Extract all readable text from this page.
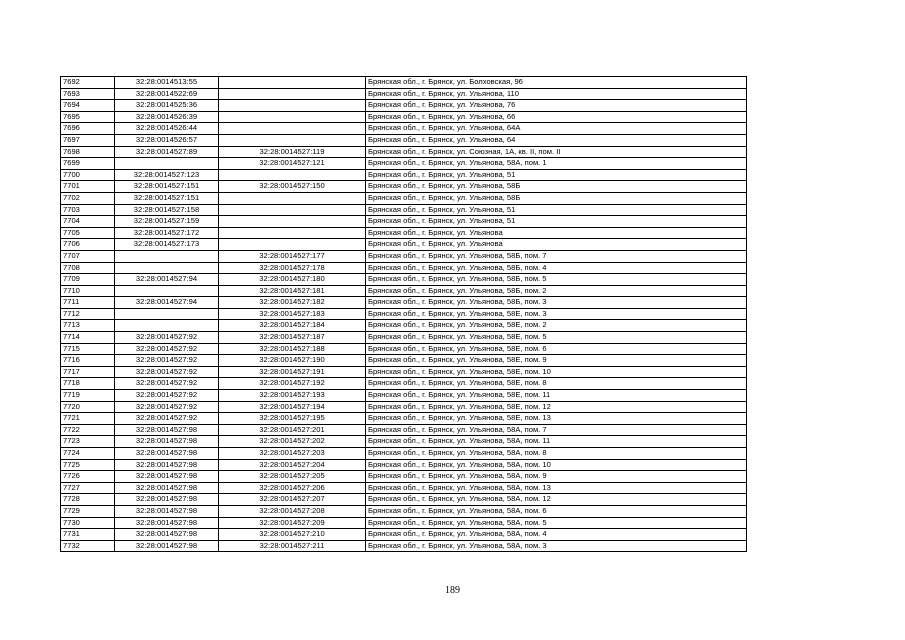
7692	32:28:0014513:55		Брянская обл., г. Брянск, ул. Болховская, 96
7693	32:28:0014522:69		Брянская обл., г. Брянск, ул. Ульянова, 110
7694	32:28:0014525:36		Брянская обл., г. Брянск, ул. Ульянова, 76
7695	32:28:0014526:39		Брянская обл., г. Брянск, ул. Ульянова, 66
7696	32:28:0014526:44		Брянская обл., г. Брянск, ул. Ульянова, 64А
7697	32:28:0014526:57		Брянская обл., г. Брянск, ул. Ульянова, 64
7698	32:28:0014527:89	32:28:0014527:119	Брянская обл., г. Брянск, ул. Союзная, 1А, кв. II, пом. II
7699		32:28:0014527:121	Брянская обл., г. Брянск, ул. Ульянова, 58А, пом. 1
7700	32:28:0014527:123		Брянская обл., г. Брянск, ул. Ульянова, 51
7701	32:28:0014527:151	32:28:0014527:150	Брянская обл., г. Брянск, ул. Ульянова, 58Б
7702	32:28:0014527:151		Брянская обл., г. Брянск, ул. Ульянова, 58Б
7703	32:28:0014527:158		Брянская обл., г. Брянск, ул. Ульянова, 51
7704	32:28:0014527:159		Брянская обл., г. Брянск, ул. Ульянова, 51
7705	32:28:0014527:172		Брянская обл., г. Брянск, ул. Ульянова
7706	32:28:0014527:173		Брянская обл., г. Брянск, ул. Ульянова
7707		32:28:0014527:177	Брянская обл., г. Брянск, ул. Ульянова, 58Б, пом. 7
7708		32:28:0014527:178	Брянская обл., г. Брянск, ул. Ульянова, 58Б, пом. 4
7709	32:28:0014527:94	32:28:0014527:180	Брянская обл., г. Брянск, ул. Ульянова, 58Б, пом. 5
7710		32:28:0014527:181	Брянская обл., г. Брянск, ул. Ульянова, 58Б, пом. 2
7711	32:28:0014527:94	32:28:0014527:182	Брянская обл., г. Брянск, ул. Ульянова, 58Б, пом. 3
7712		32:28:0014527:183	Брянская обл., г. Брянск, ул. Ульянова, 58Е, пом. 3
7713		32:28:0014527:184	Брянская обл., г. Брянск, ул. Ульянова, 58Е, пом. 2
7714	32:28:0014527:92	32:28:0014527:187	Брянская обл., г. Брянск, ул. Ульянова, 58Е, пом. 5
7715	32:28:0014527:92	32:28:0014527:188	Брянская обл., г. Брянск, ул. Ульянова, 58Е, пом. 6
7716	32:28:0014527:92	32:28:0014527:190	Брянская обл., г. Брянск, ул. Ульянова, 58Е, пом. 9
7717	32:28:0014527:92	32:28:0014527:191	Брянская обл., г. Брянск, ул. Ульянова, 58Е, пом. 10
7718	32:28:0014527:92	32:28:0014527:192	Брянская обл., г. Брянск, ул. Ульянова, 58Е, пом. 8
7719	32:28:0014527:92	32:28:0014527:193	Брянская обл., г. Брянск, ул. Ульянова, 58Е, пом. 11
7720	32:28:0014527:92	32:28:0014527:194	Брянская обл., г. Брянск, ул. Ульянова, 58Е, пом. 12
7721	32:28:0014527:92	32:28:0014527:195	Брянская обл., г. Брянск, ул. Ульянова, 58Е, пом. 13
7722	32:28:0014527:98	32:28:0014527:201	Брянская обл., г. Брянск, ул. Ульянова, 58А, пом. 7
7723	32:28:0014527:98	32:28:0014527:202	Брянская обл., г. Брянск, ул. Ульянова, 58А, пом. 11
7724	32:28:0014527:98	32:28:0014527:203	Брянская обл., г. Брянск, ул. Ульянова, 58А, пом. 8
7725	32:28:0014527:98	32:28:0014527:204	Брянская обл., г. Брянск, ул. Ульянова, 58А, пом. 10
7726	32:28:0014527:98	32:28:0014527:205	Брянская обл., г. Брянск, ул. Ульянова, 58А, пом. 9
7727	32:28:0014527:98	32:28:0014527:206	Брянская обл., г. Брянск, ул. Ульянова, 58А, пом. 13
7728	32:28:0014527:98	32:28:0014527:207	Брянская обл., г. Брянск, ул. Ульянова, 58А, пом. 12
7729	32:28:0014527:98	32:28:0014527:208	Брянская обл., г. Брянск, ул. Ульянова, 58А, пом. 6
7730	32:28:0014527:98	32:28:0014527:209	Брянская обл., г. Брянск, ул. Ульянова, 58А, пом. 5
7731	32:28:0014527:98	32:28:0014527:210	Брянская обл., г. Брянск, ул. Ульянова, 58А, пом. 4
7732	32:28:0014527:98	32:28:0014527:211	Брянская обл., г. Брянск, ул. Ульянова, 58А, пом. 3
189
